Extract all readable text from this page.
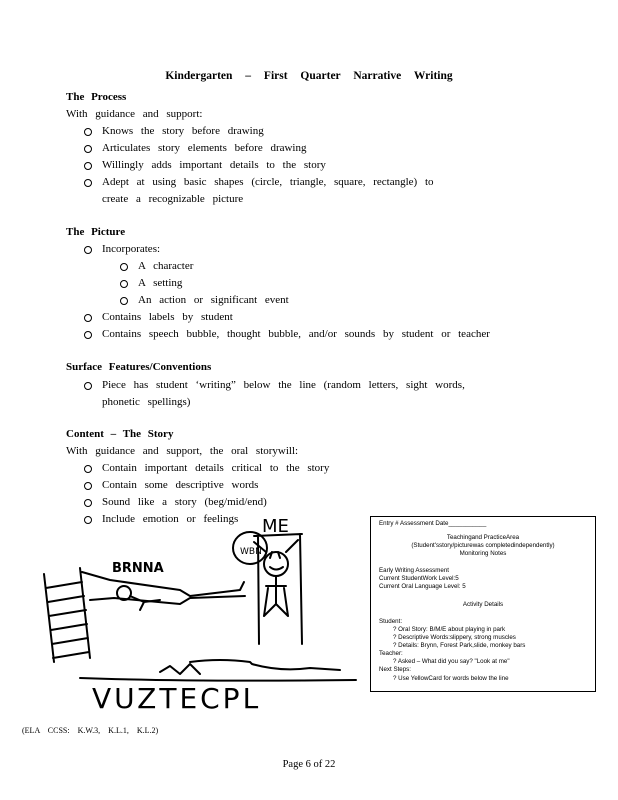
Kindergarten – First Quarter Narrative Writing
The Process
With guidance and support:
Knows the story before drawing
Articulates story elements before drawing
Willingly adds important details to the story
Adept at using basic shapes (circle, triangle, square, rectangle) to
create a recognizable picture
The Picture
Incorporates:
A character
A setting
An action or significant event
Contains labels by student
Contains speech bubble, thought bubble, and/or sounds by student or teacher
Surface Features/Conventions
Piece has student ‘writing” below the line (random letters, sight words,
phonetic spellings)
Content – The Story
With guidance and support, the oral storywill:
Contain important details critical to the story
Contain some descriptive words
Sound like a story (beg/mid/end)
Include emotion or feelings
BRNNA
ME
WBN
VUZTECPL
Entry # Assessment Date___________
Teachingand PracticeArea
(Student'sstory/picturewas completedindependently)
Monitoring Notes
Early Writing Assessment
Current StudentWork Level:5
Current Oral Language Level: 5
Activity Details
Student:
? Oral Story: B/M/E about playing in park
? Descriptive Words:slippery, strong muscles
? Details: Brynn, Forest Park,slide, monkey bars
Teacher:
? Asked – What did you say? "Look at me"
Next Steps:
? Use YellowCard for words below the line
(ELA CCSS: K.W.3, K.L.1, K.L.2)
Page 6 of 22
